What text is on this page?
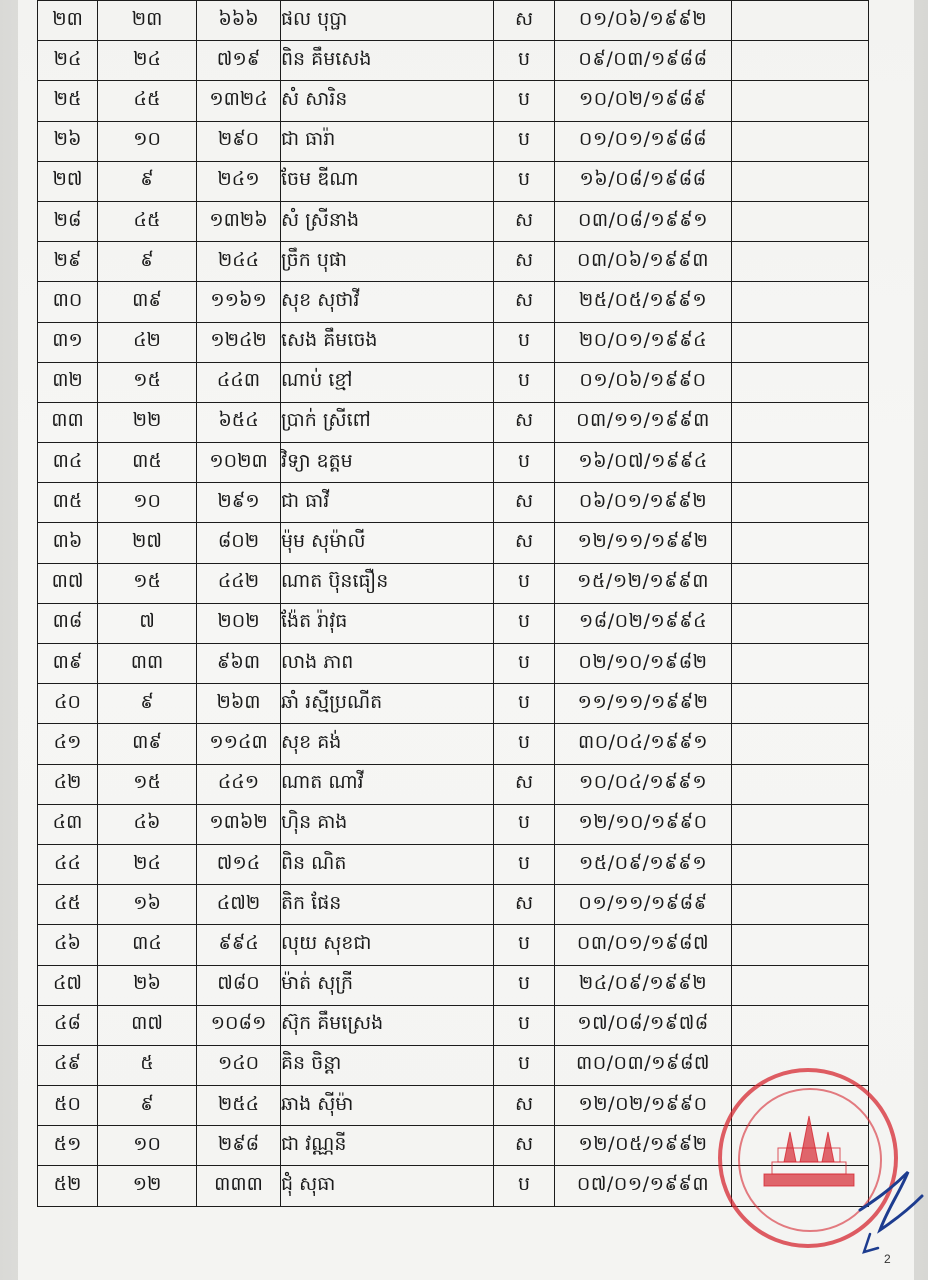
២៣	២៣	៦៦៦	ផល បុប្ផា	ស	០១/០៦/១៩៩២	
២៤	២៤	៧១៩	ពិន គឹមសេង	ប	០៩/០៣/១៩៨៨	
២៥	៤៥	១៣២៤	សំ សារិន	ប	១០/០២/១៩៨៩	
២៦	១០	២៩០	ជា ធារ៉ា	ប	០១/០១/១៩៨៨	
២៧	៩	២៤១	ចែម ឌីណា	ប	១៦/០៨/១៩៨៨	
២៨	៤៥	១៣២៦	សំ ស្រីនាង	ស	០៣/០៨/១៩៩១	
២៩	៩	២៤៤	ច្រឹក បុផា	ស	០៣/០៦/១៩៩៣	
៣០	៣៩	១១៦១	សុខ សុថាវី	ស	២៥/០៥/១៩៩១	
៣១	៤២	១២៤២	សេង គឹមចេង	ប	២០/០១/១៩៩៤	
៣២	១៥	៤៤៣	ណាប់ ខ្មៅ	ប	០១/០៦/១៩៩០	
៣៣	២២	៦៥៤	ប្រាក់ ស្រីពៅ	ស	០៣/១១/១៩៩៣	
៣៤	៣៥	១០២៣	វិទ្យា ឧត្តម	ប	១៦/០៧/១៩៩៤	
៣៥	១០	២៩១	ជា ធាវី	ស	០៦/០១/១៩៩២	
៣៦	២៧	៨០២	ម៉ុម សុម៉ាលី	ស	១២/១១/១៩៩២	
៣៧	១៥	៤៤២	ណាត ប៊ុនធឿន	ប	១៥/១២/១៩៩៣	
៣៨	៧	២០២	ង៉ែត រ៉ាវុធ	ប	១៨/០២/១៩៩៤	
៣៩	៣៣	៩៦៣	លាង ភាព	ប	០២/១០/១៩៨២	
៤០	៩	២៦៣	ឆាំ រស្មីប្រណីត	ប	១១/១១/១៩៩២	
៤១	៣៩	១១៤៣	សុខ គង់	ប	៣០/០៤/១៩៩១	
៤២	១៥	៤៤១	ណាត ណាវី	ស	១០/០៤/១៩៩១	
៤៣	៤៦	១៣៦២	ហ៊ិន គាង	ប	១២/១០/១៩៩០	
៤៤	២៤	៧១៤	ពិន ណិត	ប	១៥/០៩/១៩៩១	
៤៥	១៦	៤៧២	តិក ផែន	ស	០១/១១/១៩៨៩	
៤៦	៣៤	៩៩៤	លុយ សុខជា	ប	០៣/០១/១៩៨៧	
៤៧	២៦	៧៨០	ម៉ាត់ សុក្រី	ប	២៤/០៩/១៩៩២	
៤៨	៣៧	១០៨១	ស៊ុក គឹមស្រេង	ប	១៧/០៨/១៩៧៨	
៤៩	៥	១៤០	គិន ចិន្តា	ប	៣០/០៣/១៩៨៧	
៥០	៩	២៥៤	ឆាង ស៊ីម៉ា	ស	១២/០២/១៩៩០	
៥១	១០	២៩៨	ជា វណ្ណនី	ស	១២/០៥/១៩៩២	
៥២	១២	៣៣៣	ជុំ សុធា	ប	០៧/០១/១៩៩៣	
2
